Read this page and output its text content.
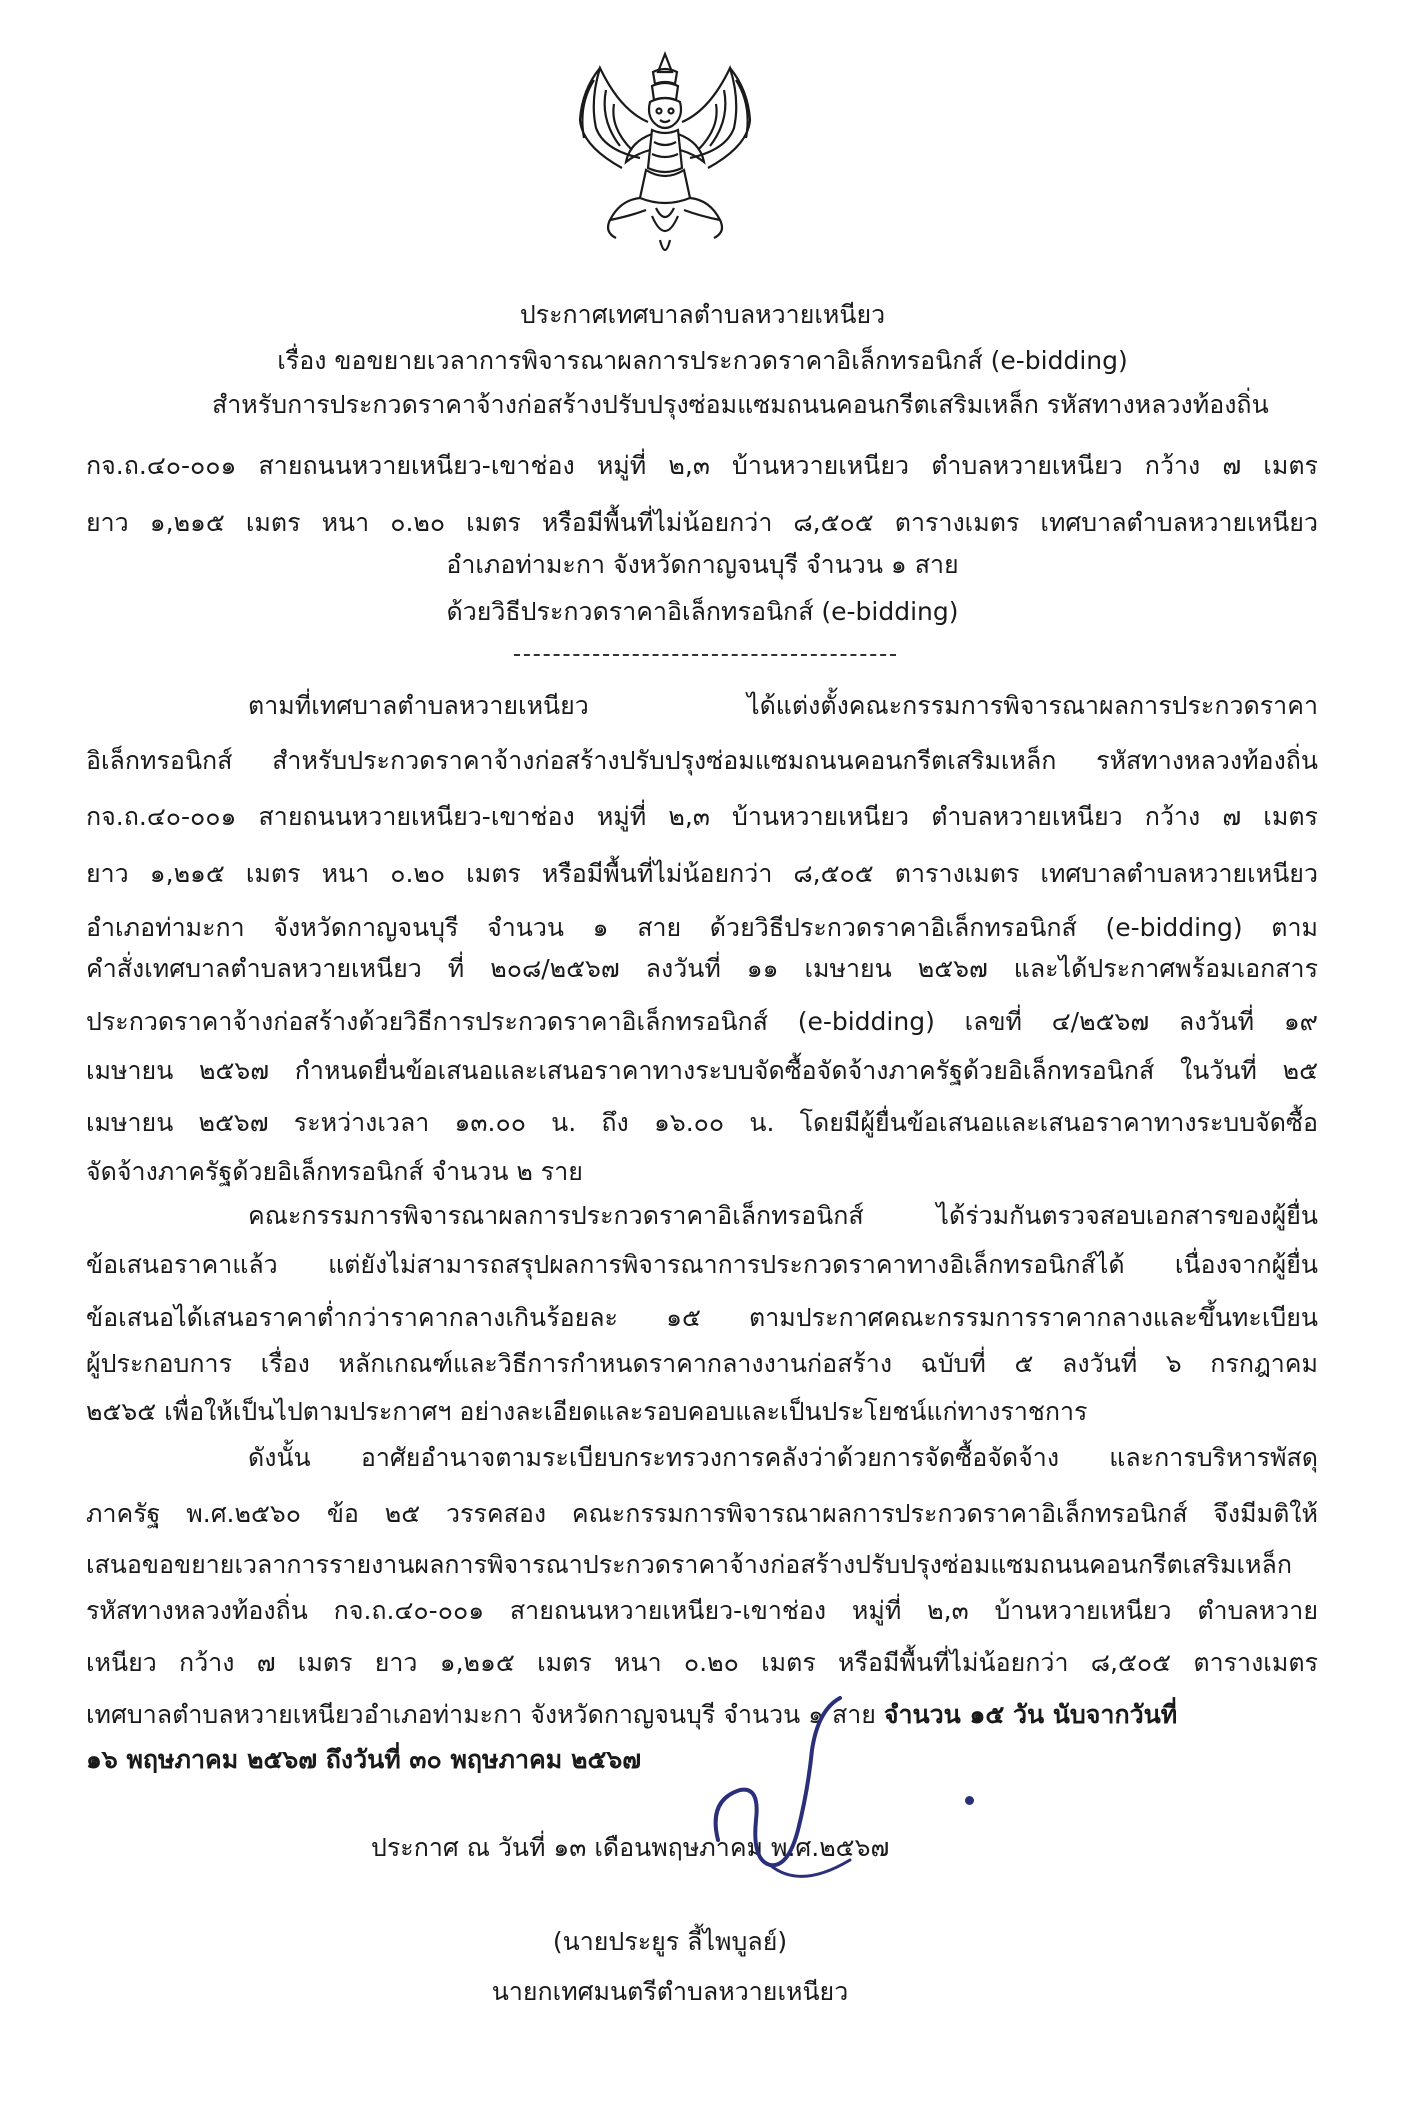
ประกาศเทศบาลตำบลหวายเหนียว
เรื่อง ขอขยายเวลาการพิจารณาผลการประกวดราคาอิเล็กทรอนิกส์ (e-bidding)
สำหรับการประกวดราคาจ้างก่อสร้างปรับปรุงซ่อมแซมถนนคอนกรีตเสริมเหล็ก รหัสทางหลวงท้องถิ่น
กจ.ถ.๔๐-๐๐๑ สายถนนหวายเหนียว-เขาช่อง หมู่ที่ ๒,๓ บ้านหวายเหนียว ตำบลหวายเหนียว กว้าง ๗ เมตร
ยาว ๑,๒๑๕ เมตร หนา ๐.๒๐ เมตร หรือมีพื้นที่ไม่น้อยกว่า ๘,๕๐๕ ตารางเมตร เทศบาลตำบลหวายเหนียว
อำเภอท่ามะกา จังหวัดกาญจนบุรี จำนวน ๑ สาย
ด้วยวิธีประกวดราคาอิเล็กทรอนิกส์ (e-bidding)
ตามที่เทศบาลตำบลหวายเหนียว ได้แต่งตั้งคณะกรรมการพิจารณาผลการประกวดราคา
อิเล็กทรอนิกส์ สำหรับประกวดราคาจ้างก่อสร้างปรับปรุงซ่อมแซมถนนคอนกรีตเสริมเหล็ก รหัสทางหลวงท้องถิ่น
กจ.ถ.๔๐-๐๐๑ สายถนนหวายเหนียว-เขาช่อง หมู่ที่ ๒,๓ บ้านหวายเหนียว ตำบลหวายเหนียว กว้าง ๗ เมตร
ยาว ๑,๒๑๕ เมตร หนา ๐.๒๐ เมตร หรือมีพื้นที่ไม่น้อยกว่า ๘,๕๐๕ ตารางเมตร เทศบาลตำบลหวายเหนียว
อำเภอท่ามะกา จังหวัดกาญจนบุรี จำนวน ๑ สาย ด้วยวิธีประกวดราคาอิเล็กทรอนิกส์ (e-bidding) ตาม
คำสั่งเทศบาลตำบลหวายเหนียว ที่ ๒๐๘/๒๕๖๗ ลงวันที่ ๑๑ เมษายน ๒๕๖๗ และได้ประกาศพร้อมเอกสาร
ประกวดราคาจ้างก่อสร้างด้วยวิธีการประกวดราคาอิเล็กทรอนิกส์ (e-bidding) เลขที่ ๔/๒๕๖๗ ลงวันที่ ๑๙
เมษายน ๒๕๖๗ กำหนดยื่นข้อเสนอและเสนอราคาทางระบบจัดซื้อจัดจ้างภาครัฐด้วยอิเล็กทรอนิกส์ ในวันที่ ๒๕
เมษายน ๒๕๖๗ ระหว่างเวลา ๑๓.๐๐ น. ถึง ๑๖.๐๐ น. โดยมีผู้ยื่นข้อเสนอและเสนอราคาทางระบบจัดซื้อ
จัดจ้างภาครัฐด้วยอิเล็กทรอนิกส์ จำนวน ๒ ราย
คณะกรรมการพิจารณาผลการประกวดราคาอิเล็กทรอนิกส์ ได้ร่วมกันตรวจสอบเอกสารของผู้ยื่น
ข้อเสนอราคาแล้ว แต่ยังไม่สามารถสรุปผลการพิจารณาการประกวดราคาทางอิเล็กทรอนิกส์ได้ เนื่องจากผู้ยื่น
ข้อเสนอได้เสนอราคาต่ำกว่าราคากลางเกินร้อยละ ๑๕ ตามประกาศคณะกรรมการราคากลางและขึ้นทะเบียน
ผู้ประกอบการ เรื่อง หลักเกณฑ์และวิธีการกำหนดราคากลางงานก่อสร้าง ฉบับที่ ๕ ลงวันที่ ๖ กรกฎาคม
๒๕๖๕ เพื่อให้เป็นไปตามประกาศฯ อย่างละเอียดและรอบคอบและเป็นประโยชน์แก่ทางราชการ
ดังนั้น อาศัยอำนาจตามระเบียบกระทรวงการคลังว่าด้วยการจัดซื้อจัดจ้าง และการบริหารพัสดุ
ภาครัฐ พ.ศ.๒๕๖๐ ข้อ ๒๕ วรรคสอง คณะกรรมการพิจารณาผลการประกวดราคาอิเล็กทรอนิกส์ จึงมีมติให้
เสนอขอขยายเวลาการรายงานผลการพิจารณาประกวดราคาจ้างก่อสร้างปรับปรุงซ่อมแซมถนนคอนกรีตเสริมเหล็ก
รหัสทางหลวงท้องถิ่น กจ.ถ.๔๐-๐๐๑ สายถนนหวายเหนียว-เขาช่อง หมู่ที่ ๒,๓ บ้านหวายเหนียว ตำบลหวาย
เหนียว กว้าง ๗ เมตร ยาว ๑,๒๑๕ เมตร หนา ๐.๒๐ เมตร หรือมีพื้นที่ไม่น้อยกว่า ๘,๕๐๕ ตารางเมตร
เทศบาลตำบลหวายเหนียวอำเภอท่ามะกา จังหวัดกาญจนบุรี จำนวน ๑ สาย จำนวน ๑๕ วัน นับจากวันที่
๑๖ พฤษภาคม ๒๕๖๗ ถึงวันที่ ๓๐ พฤษภาคม ๒๕๖๗
ประกาศ ณ วันที่ ๑๓ เดือนพฤษภาคม พ.ศ.๒๕๖๗
(นายประยูร ลี้ไพบูลย์)
นายกเทศมนตรีตำบลหวายเหนียว
